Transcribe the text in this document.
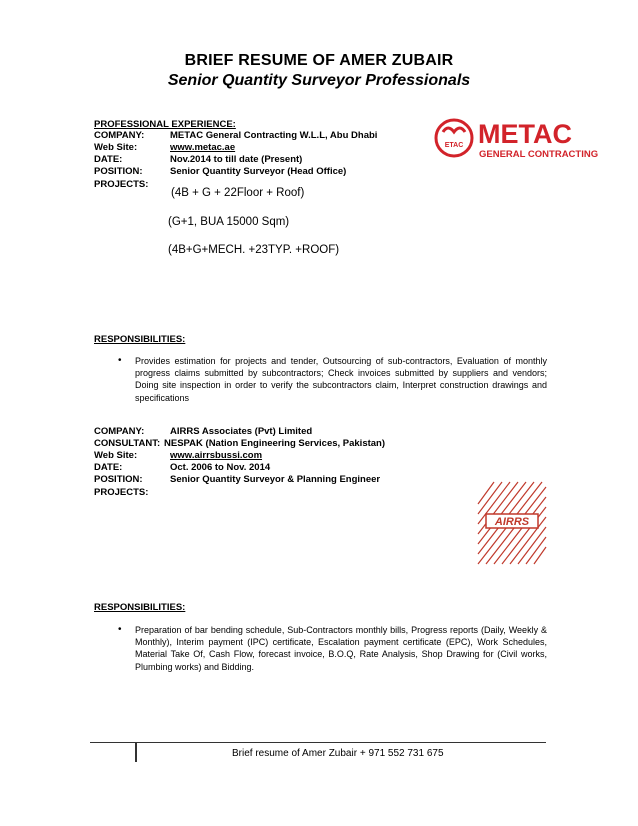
BRIEF RESUME OF AMER ZUBAIR
Senior Quantity Surveyor Professionals
PROFESSIONAL EXPERIENCE:
COMPANY:	METAC General Contracting W.L.L, Abu Dhabi
Web Site:	www.metac.ae
DATE:	Nov.2014 to till date (Present)
POSITION:	Senior Quantity Surveyor (Head Office)
PROJECTS:
(4B + G + 22Floor + Roof)
(G+1, BUA 15000 Sqm)
(4B+G+MECH. +23TYP. +ROOF)
ETAC METAC
GENERAL CONTRACTING
RESPONSIBILITIES:
• Provides estimation for projects and tender, Outsourcing of sub-contractors, Evaluation of monthly progress claims submitted by subcontractors; Check invoices submitted by suppliers and vendors; Doing site inspection in order to verify the subcontractors claim, Interpret construction drawings and specifications
COMPANY:	AIRRS Associates (Pvt) Limited
CONSULTANT: NESPAK (Nation Engineering Services, Pakistan)
Web Site:	www.airrsbussi.com
DATE:	Oct. 2006 to Nov. 2014
POSITION:	Senior Quantity Surveyor & Planning Engineer
PROJECTS:
AIRRS
RESPONSIBILITIES:
• Preparation of bar bending schedule, Sub-Contractors monthly bills, Progress reports (Daily, Weekly & Monthly), Interim payment (IPC) certificate, Escalation payment certificate (EPC), Work Schedules, Material Take Of, Cash Flow, forecast invoice, B.O.Q, Rate Analysis, Shop Drawing for (Civil works, Plumbing works) and Bidding.
Brief resume of Amer Zubair + 971 552 731 675
